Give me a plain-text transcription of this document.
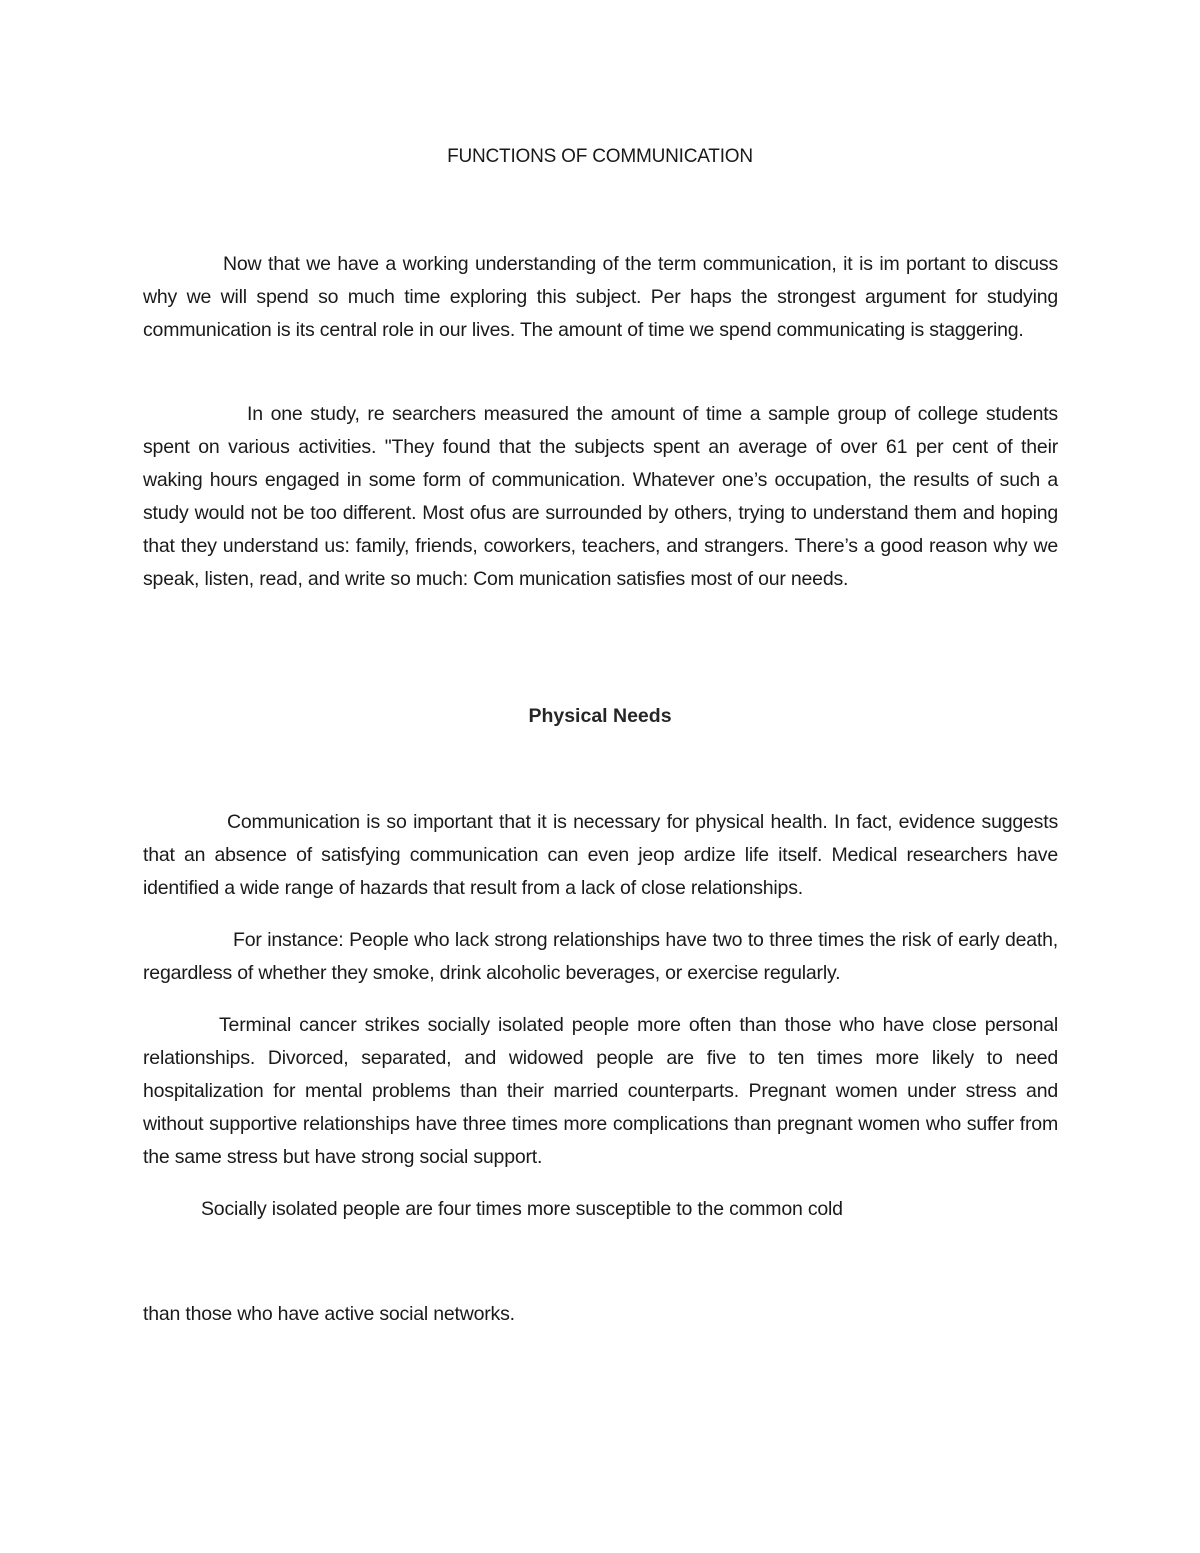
FUNCTIONS OF COMMUNICATION

Now that we have a working understanding of the term communication, it is im portant to discuss why we will spend so much time exploring this subject. Per haps the strongest argument for studying communication is its central role in our lives. The amount of time we spend communicating is staggering.

In one study, re searchers measured the amount of time a sample group of college students spent on various activities. "They found that the subjects spent an average of over 61 per cent of their waking hours engaged in some form of communication. Whatever one’s occupation, the results of such a study would not be too different. Most ofus are surrounded by others, trying to understand them and hoping that they understand us: family, friends, coworkers, teachers, and strangers. There’s a good reason why we speak, listen, read, and write so much: Com munication satisfies most of our needs.

Physical Needs

Communication is so important that it is necessary for physical health. In fact, evidence suggests that an absence of satisfying communication can even jeop ardize life itself. Medical researchers have identified a wide range of hazards that result from a lack of close relationships.

For instance: People who lack strong relationships have two to three times the risk of early death, regardless of whether they smoke, drink alcoholic beverages, or exercise regularly.

Terminal cancer strikes socially isolated people more often than those who have close personal relationships. Divorced, separated, and widowed people are five to ten times more likely to need hospitalization for mental problems than their married counterparts. Pregnant women under stress and without supportive relationships have three times more complications than pregnant women who suffer from the same stress but have strong social support.

Socially isolated people are four times more susceptible to the common cold

than those who have active social networks.
